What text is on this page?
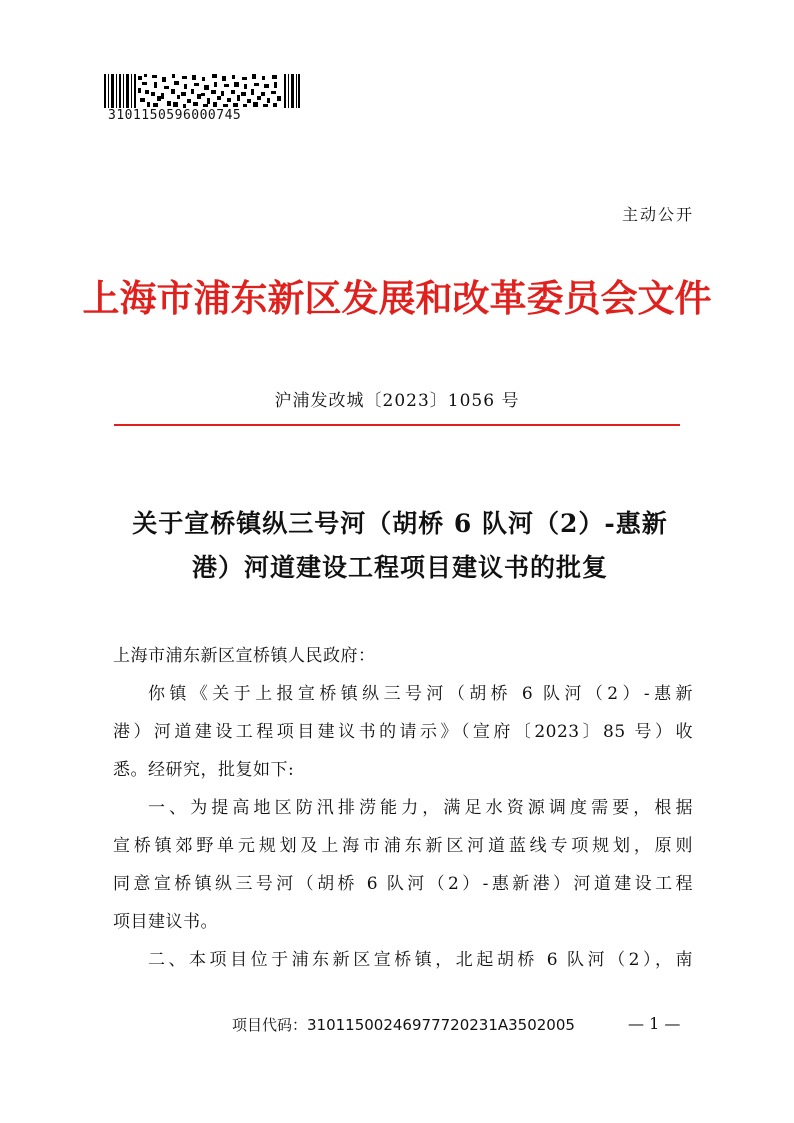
3101150596000745
主动公开
上海市浦东新区发展和改革委员会文件
沪浦发改城〔2023〕1056 号
关于宣桥镇纵三号河（胡桥 6 队河（2）-惠新
港）河道建设工程项目建议书的批复
上海市浦东新区宣桥镇人民政府：
你镇《关于上报宣桥镇纵三号河（胡桥 6 队河（2）-惠新
港）河道建设工程项目建议书的请示》（宣府〔2023〕85 号）收
悉。经研究，批复如下:
一、为提高地区防汛排涝能力，满足水资源调度需要，根据
宣桥镇郊野单元规划及上海市浦东新区河道蓝线专项规划，原则
同意宣桥镇纵三号河（胡桥 6 队河（2）-惠新港）河道建设工程
项目建议书。
二、本项目位于浦东新区宣桥镇，北起胡桥 6 队河（2），南
项目代码：31011500246977720231A3502005	— 1 —
